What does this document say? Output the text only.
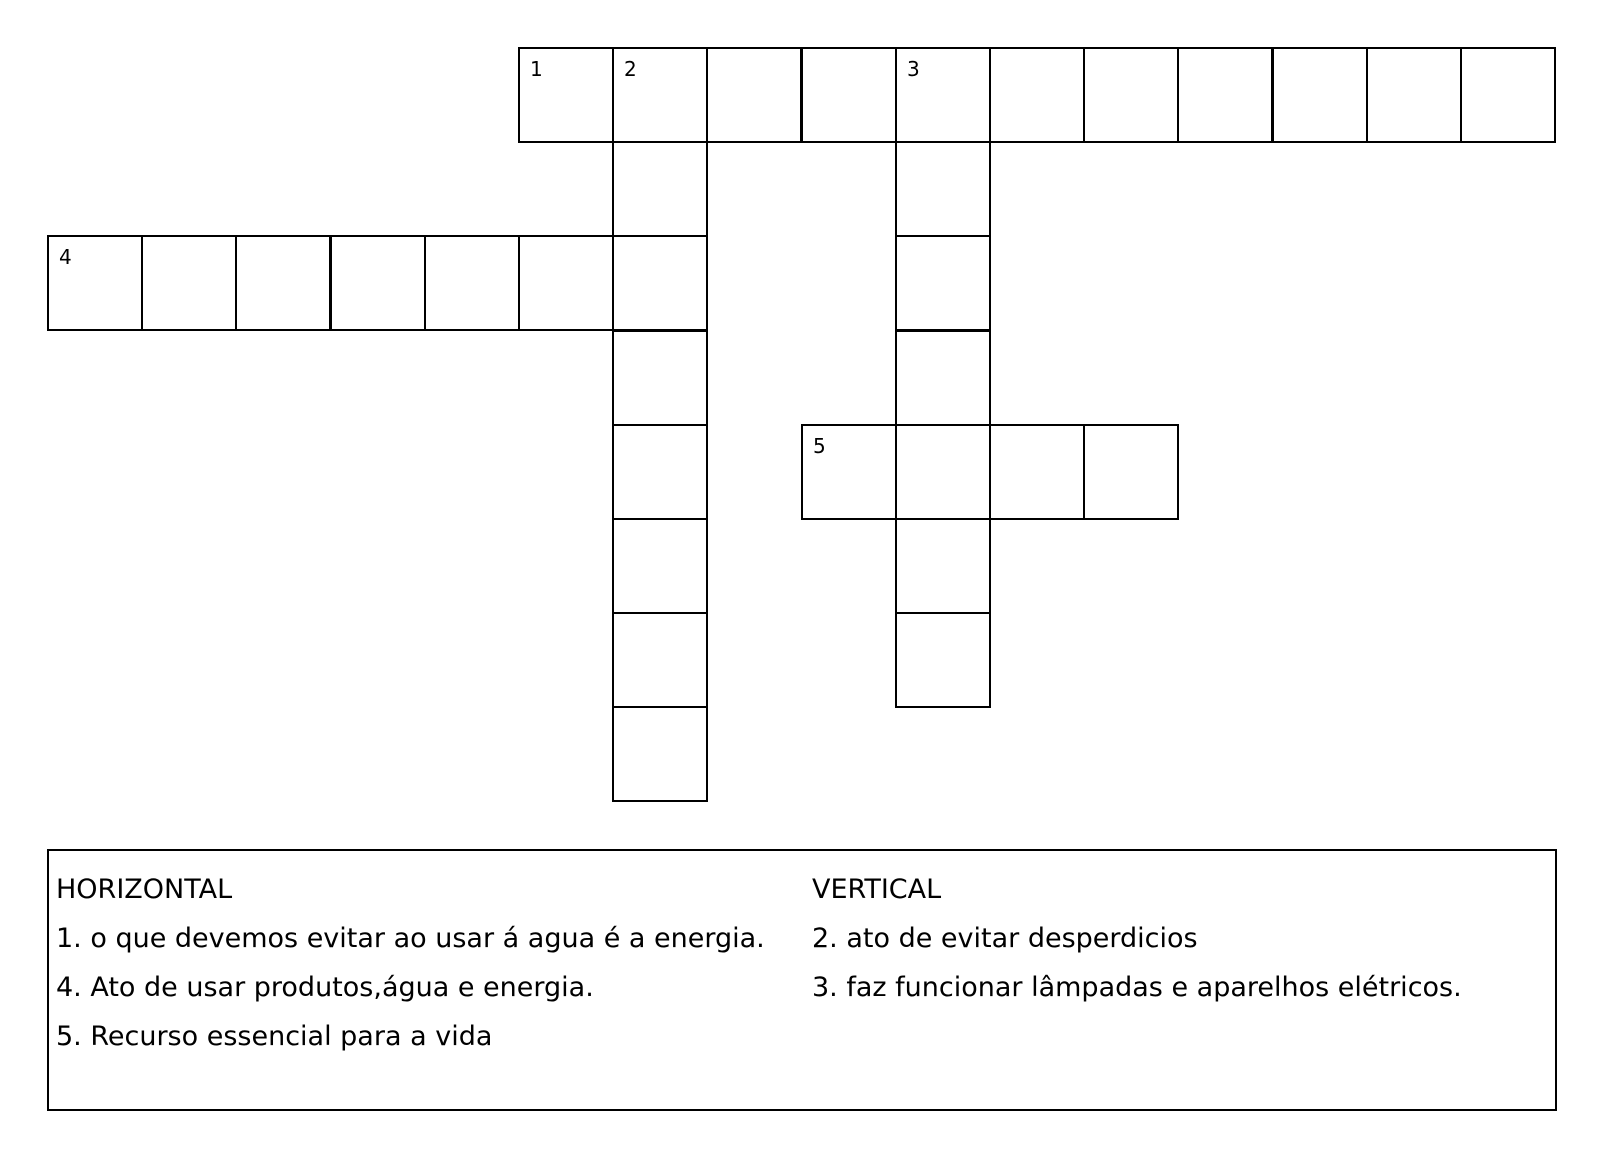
1	2	3
4
5
HORIZONTAL
1. o que devemos evitar ao usar á agua é a energia.
4. Ato de usar produtos,água e energia.
5. Recurso essencial para a vida
VERTICAL
2. ato de evitar desperdicios
3. faz funcionar lâmpadas e aparelhos elétricos.
